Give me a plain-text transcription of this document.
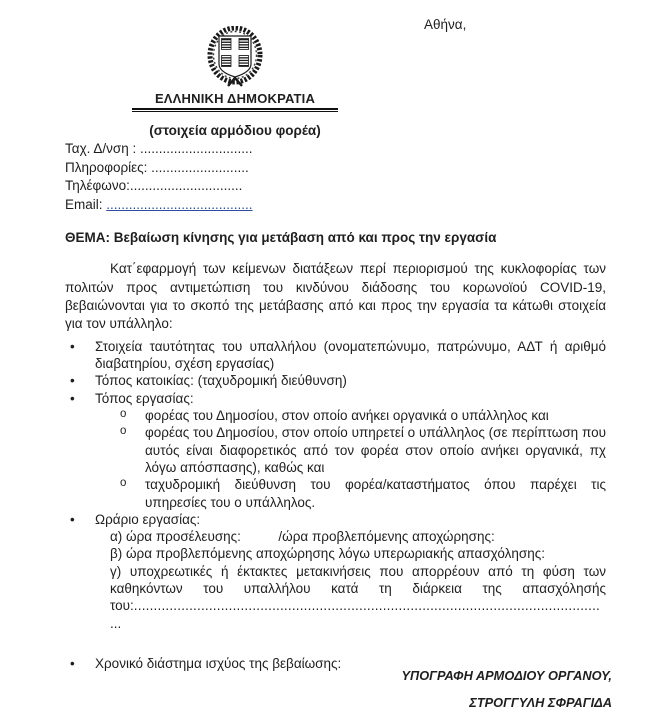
Αθήνα,
ΕΛΛΗΝΙΚΗ ΔΗΜΟΚΡΑΤΙΑ
(στοιχεία αρμόδιου φορέα)
Ταχ. Δ/νση : ..............................
Πληροφορίες: ..........................
Τηλέφωνο:..............................
Email: .......................................
ΘΕΜΑ: Βεβαίωση κίνησης για μετάβαση από και προς την εργασία

Κατ΄εφαρμογή των κείμενων διατάξεων περί περιορισμού της κυκλοφορίας των πολιτών προς αντιμετώπιση του κινδύνου διάδοσης του κορωνοϊού COVID-19, βεβαιώνονται για το σκοπό της μετάβασης από και προς την εργασία τα κάτωθι στοιχεία για τον υπάλληλο:

• Στοιχεία ταυτότητας του υπαλλήλου (ονοματεπώνυμο, πατρώνυμο, ΑΔΤ ή αριθμό διαβατηρίου, σχέση εργασίας)
• Τόπος κατοικίας: (ταχυδρομική διεύθυνση)
• Τόπος εργασίας:
o φορέας του Δημοσίου, στον οποίο ανήκει οργανικά ο υπάλληλος και
o φορέας του Δημοσίου, στον οποίο υπηρετεί ο υπάλληλος (σε περίπτωση που αυτός είναι διαφορετικός από τον φορέα στον οποίο ανήκει οργανικά, πχ λόγω απόσπασης), καθώς και
o ταχυδρομική διεύθυνση του φορέα/καταστήματος όπου παρέχει τις υπηρεσίες του ο υπάλληλος.
• Ωράριο εργασίας:
α) ώρα προσέλευσης:          /ώρα προβλεπόμενης αποχώρησης:
β) ώρα προβλεπόμενης αποχώρησης λόγω υπερωριακής απασχόλησης:
γ) υποχρεωτικές ή έκτακτες μετακινήσεις που απορρέουν από τη φύση των καθηκόντων του υπαλλήλου κατά τη διάρκεια της απασχόλησής του:......................................................................................................................
...
• Χρονικό διάστημα ισχύος της βεβαίωσης:
ΥΠΟΓΡΑΦΗ ΑΡΜΟΔΙΟΥ ΟΡΓΑΝΟΥ,
ΣΤΡΟΓΓΥΛΗ ΣΦΡΑΓΙΔΑ
